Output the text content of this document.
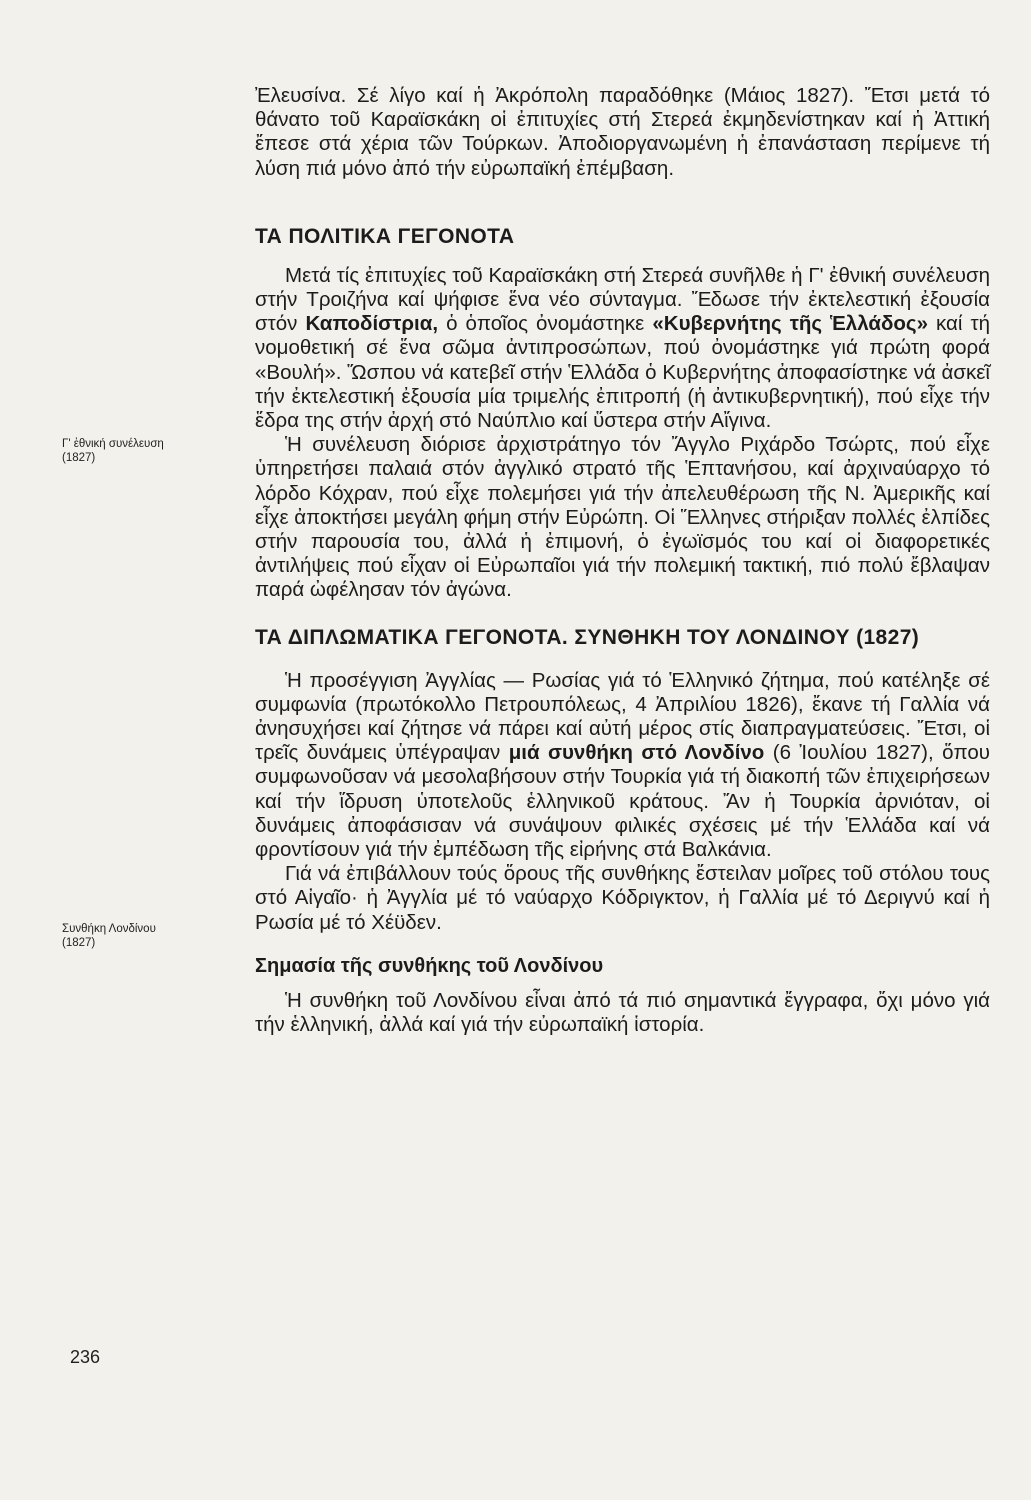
Γ' ἐθνική συνέλευση
(1827)
Συνθήκη Λονδίνου
(1827)
236

Ἐλευσίνα. Σέ λίγο καί ἡ Ἀκρόπολη παραδόθηκε (Μάιος 1827). Ἔτσι μετά τό θάνατο τοῦ Καραϊσκάκη οἱ ἐπιτυχίες στή Στερεά ἐκμηδενίστηκαν καί ἡ Ἀττική ἔπεσε στά χέρια τῶν Τούρκων. Ἀποδιοργανωμένη ἡ ἐπανάσταση περίμενε τή λύση πιά μόνο ἀπό τήν εὐρωπαϊκή ἐπέμβαση.

ΤΑ ΠΟΛΙΤΙΚΑ ΓΕΓΟΝΟΤΑ

Μετά τίς ἐπιτυχίες τοῦ Καραϊσκάκη στή Στερεά συνῆλθε ἡ Γ' ἐθνική συνέλευση στήν Τροιζήνα καί ψήφισε ἕνα νέο σύνταγμα. Ἔδωσε τήν ἐκτελεστική ἐξουσία στόν Καποδίστρια, ὁ ὁποῖος ὀνομάστηκε «Κυβερνήτης τῆς Ἑλλάδος» καί τή νομοθετική σέ ἕνα σῶμα ἀντιπροσώπων, πού ὀνομάστηκε γιά πρώτη φορά «Βουλή». Ὥσπου νά κατεβεῖ στήν Ἑλλάδα ὁ Κυβερνήτης ἀποφασίστηκε νά ἀσκεῖ τήν ἐκτελεστική ἐξουσία μία τριμελής ἐπιτροπή (ἡ ἀντικυβερνητική), πού εἶχε τήν ἕδρα της στήν ἀρχή στό Ναύπλιο καί ὕστερα στήν Αἴγινα.

Ἡ συνέλευση διόρισε ἀρχιστράτηγο τόν Ἄγγλο Ριχάρδο Τσώρτς, πού εἶχε ὑπηρετήσει παλαιά στόν ἀγγλικό στρατό τῆς Ἑπτανήσου, καί ἀρχιναύαρχο τό λόρδο Κόχραν, πού εἶχε πολεμήσει γιά τήν ἀπελευθέρωση τῆς Ν. Ἀμερικῆς καί εἶχε ἀποκτήσει μεγάλη φήμη στήν Εὐρώπη. Οἱ Ἕλληνες στήριξαν πολλές ἐλπίδες στήν παρουσία του, ἀλλά ἡ ἐπιμονή, ὁ ἐγωϊσμός του καί οἱ διαφορετικές ἀντιλήψεις πού εἶχαν οἱ Εὐρωπαῖοι γιά τήν πολεμική τακτική, πιό πολύ ἔβλαψαν παρά ὠφέλησαν τόν ἀγώνα.

ΤΑ ΔΙΠΛΩΜΑΤΙΚΑ ΓΕΓΟΝΟΤΑ. ΣΥΝΘΗΚΗ ΤΟΥ ΛΟΝΔΙΝΟΥ (1827)

Ἡ προσέγγιση Ἀγγλίας — Ρωσίας γιά τό Ἑλληνικό ζήτημα, πού κατέληξε σέ συμφωνία (πρωτόκολλο Πετρουπόλεως, 4 Ἀπριλίου 1826), ἔκανε τή Γαλλία νά ἀνησυχήσει καί ζήτησε νά πάρει καί αὐτή μέρος στίς διαπραγματεύσεις. Ἔτσι, οἱ τρεῖς δυνάμεις ὑπέγραψαν μιά συνθήκη στό Λονδίνο (6 Ἰουλίου 1827), ὅπου συμφωνοῦσαν νά μεσολαβήσουν στήν Τουρκία γιά τή διακοπή τῶν ἐπιχειρήσεων καί τήν ἵδρυση ὑποτελοῦς ἑλληνικοῦ κράτους. Ἄν ἡ Τουρκία ἀρνιόταν, οἱ δυνάμεις ἀποφάσισαν νά συνάψουν φιλικές σχέσεις μέ τήν Ἑλλάδα καί νά φροντίσουν γιά τήν ἐμπέδωση τῆς εἰρήνης στά Βαλκάνια.

Γιά νά ἐπιβάλλουν τούς ὅρους τῆς συνθήκης ἔστειλαν μοῖρες τοῦ στόλου τους στό Αἰγαῖο· ἡ Ἀγγλία μέ τό ναύαρχο Κόδριγκτον, ἡ Γαλλία μέ τό Δεριγνύ καί ἡ Ρωσία μέ τό Χέϋδεν.

Σημασία τῆς συνθήκης τοῦ Λονδίνου

Ἡ συνθήκη τοῦ Λονδίνου εἶναι ἀπό τά πιό σημαντικά ἔγγραφα, ὄχι μόνο γιά τήν ἑλληνική, ἀλλά καί γιά τήν εὐρωπαϊκή ἱστορία.
